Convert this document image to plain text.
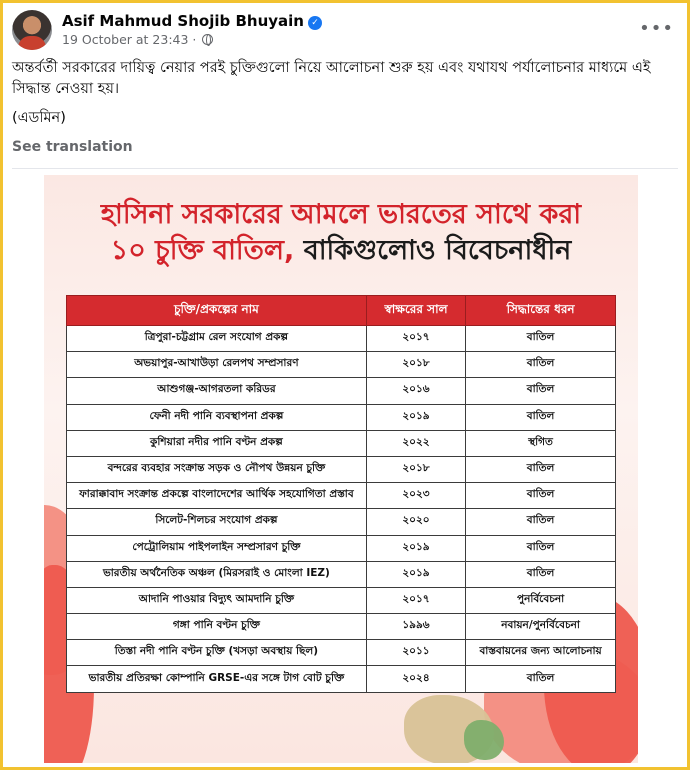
Asif Mahmud Shojib Bhuyain ✓
19 October at 23:43 ·
•••
অন্তর্বর্তী সরকারের দায়িত্ব নেয়ার পরই চুক্তিগুলো নিয়ে আলোচনা শুরু হয় এবং যথাযথ পর্যালোচনার মাধ্যমে এই সিদ্ধান্ত নেওয়া হয়।
(এডমিন)
See translation
হাসিনা সরকারের আমলে ভারতের সাথে করা
১০ চুক্তি বাতিল, বাকিগুলোও বিবেচনাধীন
চুক্তি/প্রকল্পের নাম	স্বাক্ষরের সাল	সিদ্ধান্তের ধরন
ত্রিপুরা-চট্টগ্রাম রেল সংযোগ প্রকল্প	২০১৭	বাতিল
অভয়াপুর-আখাউড়া রেলপথ সম্প্রসারণ	২০১৮	বাতিল
আশুগঞ্জ-আগরতলা করিডর	২০১৬	বাতিল
ফেনী নদী পানি ব্যবস্থাপনা প্রকল্প	২০১৯	বাতিল
কুশিয়ারা নদীর পানি বণ্টন প্রকল্প	২০২২	স্থগিত
বন্দরের ব্যবহার সংক্রান্ত সড়ক ও নৌপথ উন্নয়ন চুক্তি	২০১৮	বাতিল
ফারাক্কাবাদ সংক্রান্ত প্রকল্পে বাংলাদেশের আর্থিক সহযোগিতা প্রস্তাব	২০২৩	বাতিল
সিলেট-শিলচর সংযোগ প্রকল্প	২০২০	বাতিল
পেট্রোলিয়াম পাইপলাইন সম্প্রসারণ চুক্তি	২০১৯	বাতিল
ভারতীয় অর্থনৈতিক অঞ্চল (মিরসরাই ও মোংলা IEZ)	২০১৯	বাতিল
আদানি পাওয়ার বিদ্যুৎ আমদানি চুক্তি	২০১৭	পুনর্বিবেচনা
গঙ্গা পানি বণ্টন চুক্তি	১৯৯৬	নবায়ন/পুনর্বিবেচনা
তিস্তা নদী পানি বণ্টন চুক্তি (খসড়া অবস্থায় ছিল)	২০১১	বাস্তবায়নের জন্য আলোচনায়
ভারতীয় প্রতিরক্ষা কোম্পানি GRSE-এর সঙ্গে টাগ বোট চুক্তি	২০২৪	বাতিল
